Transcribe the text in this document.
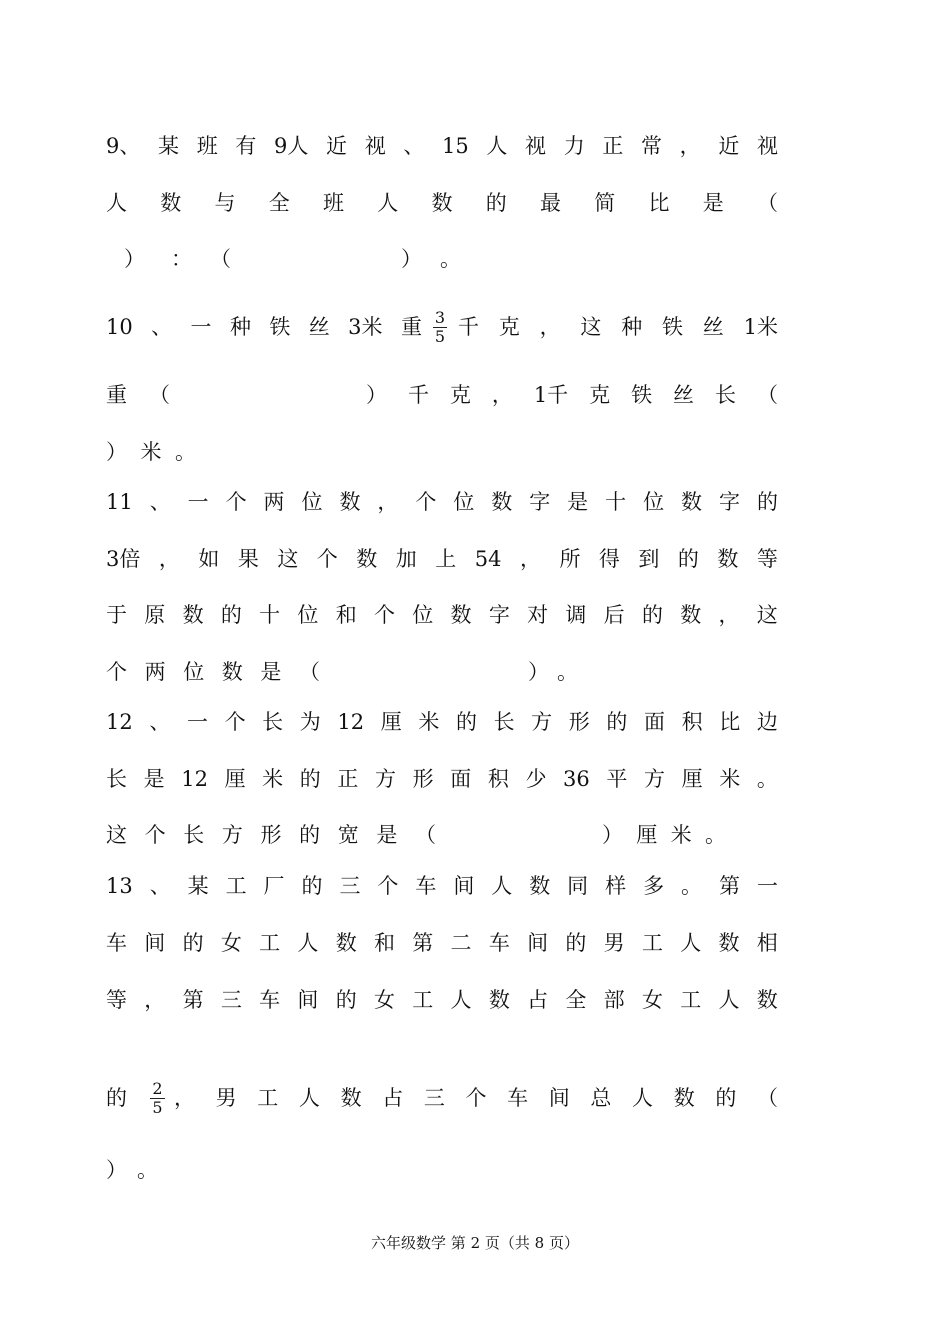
9、 某 班 有 9人 近 视 、 15 人 视 力 正 常 ， 近 视
人 数 与 全 班 人 数 的 最 简 比 是 （
） ： （	） 。
10 、 一 种 铁 丝 3米 重 $\frac{3}{5}$ 千 克 ， 这 种 铁 丝 1米
重 （	） 千 克 ， 1千 克 铁 丝 长 （
） 米 。
11 、 一 个 两 位 数 ， 个 位 数 字 是 十 位 数 字 的
3倍 ， 如 果 这 个 数 加 上 54 ， 所 得 到 的 数 等
于 原 数 的 十 位 和 个 位 数 字 对 调 后 的 数 ， 这
个 两 位 数 是 （	） 。
12 、 一 个 长 为 12 厘 米 的 长 方 形 的 面 积 比 边
长 是 12 厘 米 的 正 方 形 面 积 少 36 平 方 厘 米 。
这 个 长 方 形 的 宽 是 （	） 厘 米 。
13 、 某 工 厂 的 三 个 车 间 人 数 同 样 多 。 第 一
车 间 的 女 工 人 数 和 第 二 车 间 的 男 工 人 数 相
等 ， 第 三 车 间 的 女 工 人 数 占 全 部 女 工 人 数
的 $\frac{2}{5}$ ， 男 工 人 数 占 三 个 车 间 总 人 数 的 （
） 。
六年级数学 第 2 页（共 8 页）
